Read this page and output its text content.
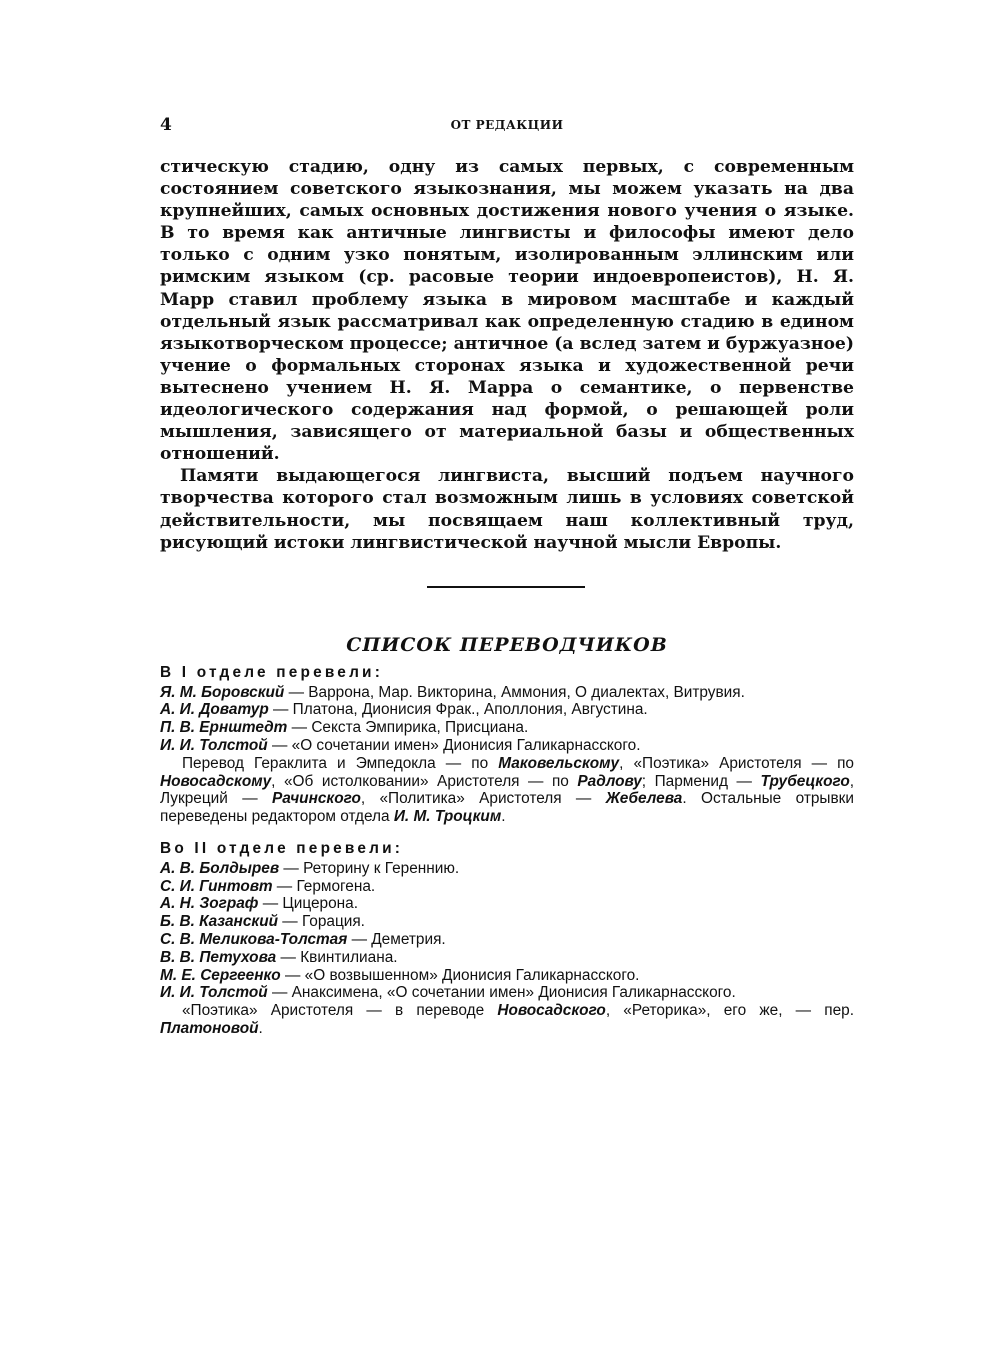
4	ОТ РЕДАКЦИИ

стическую стадию, одну из самых первых, с современным состоянием советского языкознания, мы можем указать на два крупнейших, самых основных достижения нового учения о языке. В то время как античные лингвисты и философы имеют дело только с одним узко понятым, изолированным эллинским или римским языком (ср. расовые теории индоевропеистов), Н. Я. Марр ставил проблему языка в мировом масштабе и каждый отдельный язык рассматривал как определенную стадию в едином языкотворческом процессе; античное (а вслед затем и буржуазное) учение о формальных сторонах языка и художественной речи вытеснено учением Н. Я. Марра о семантике, о первенстве идеологического содержания над формой, о решающей роли мышления, зависящего от материальной базы и общественных отношений.

Памяти выдающегося лингвиста, высший подъем научного творчества которого стал возможным лишь в условиях советской действительности, мы посвящаем наш коллективный труд, рисующий истоки лингвистической научной мысли Европы.

СПИСОК ПЕРЕВОДЧИКОВ
В I отделе перевели:

Я. М. Боровский — Варрона, Мар. Викторина, Аммония, О диалектах, Витрувия.

А. И. Доватур — Платона, Дионисия Фрак., Аполлония, Августина.

П. В. Ернштедт — Секста Эмпирика, Присциана.

И. И. Толстой — «О сочетании имен» Дионисия Галикарнасского.

Перевод Гераклита и Эмпедокла — по Маковельскому, «Поэтика» Аристотеля — по Новосадскому, «Об истолковании» Аристотеля — по Радлову; Парменид — Трубецкого, Лукреций — Рачинского, «Политика» Аристотеля — Жебелева. Остальные отрывки переведены редактором отдела И. М. Троцким.

Во II отделе перевели:

А. В. Болдырев — Реторину к Гереннию.

С. И. Гинтовт — Гермогена.

А. Н. Зограф — Цицерона.

Б. В. Казанский — Горация.

С. В. Меликова-Толстая — Деметрия.

В. В. Петухова — Квинтилиана.

М. Е. Сергеенко — «О возвышенном» Дионисия Галикарнасского.

И. И. Толстой — Анаксимена, «О сочетании имен» Дионисия Галикарнасского.

«Поэтика» Аристотеля — в переводе Новосадского, «Реторика», его же, — пер. Платоновой.
